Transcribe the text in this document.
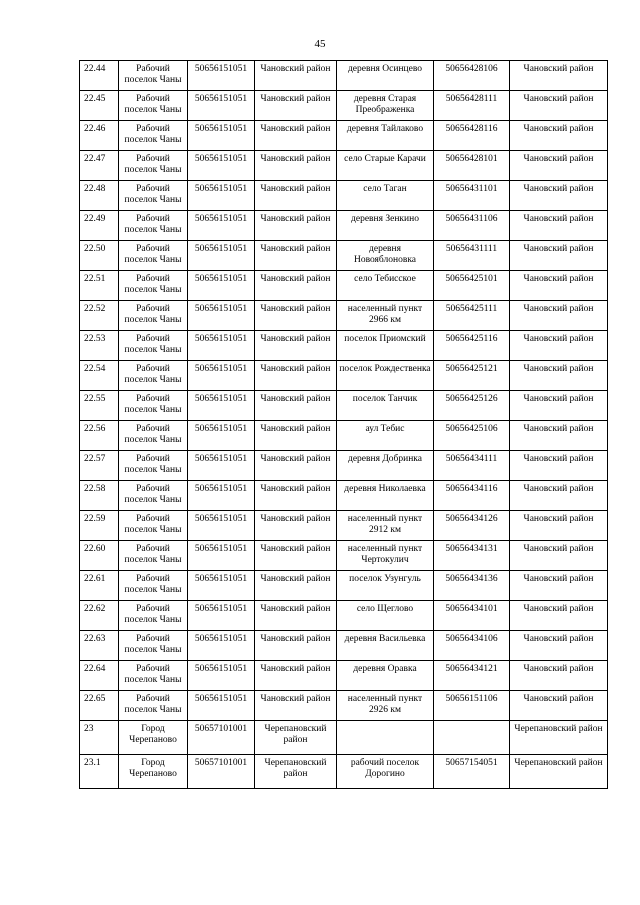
45
22.44	Рабочий поселок Чаны	50656151051	Чановский район	деревня Осинцево	50656428106	Чановский район
22.45	Рабочий поселок Чаны	50656151051	Чановский район	деревня Старая Преображенка	50656428111	Чановский район
22.46	Рабочий поселок Чаны	50656151051	Чановский район	деревня Тайлаково	50656428116	Чановский район
22.47	Рабочий поселок Чаны	50656151051	Чановский район	село Старые Карачи	50656428101	Чановский район
22.48	Рабочий поселок Чаны	50656151051	Чановский район	село Таган	50656431101	Чановский район
22.49	Рабочий поселок Чаны	50656151051	Чановский район	деревня Зенкино	50656431106	Чановский район
22.50	Рабочий поселок Чаны	50656151051	Чановский район	деревня Новояблоновка	50656431111	Чановский район
22.51	Рабочий поселок Чаны	50656151051	Чановский район	село Тебисское	50656425101	Чановский район
22.52	Рабочий поселок Чаны	50656151051	Чановский район	населенный пункт 2966 км	50656425111	Чановский район
22.53	Рабочий поселок Чаны	50656151051	Чановский район	поселок Приомский	50656425116	Чановский район
22.54	Рабочий поселок Чаны	50656151051	Чановский район	поселок Рождественка	50656425121	Чановский район
22.55	Рабочий поселок Чаны	50656151051	Чановский район	поселок Танчик	50656425126	Чановский район
22.56	Рабочий поселок Чаны	50656151051	Чановский район	аул Тебис	50656425106	Чановский район
22.57	Рабочий поселок Чаны	50656151051	Чановский район	деревня Добринка	50656434111	Чановский район
22.58	Рабочий поселок Чаны	50656151051	Чановский район	деревня Николаевка	50656434116	Чановский район
22.59	Рабочий поселок Чаны	50656151051	Чановский район	населенный пункт 2912 км	50656434126	Чановский район
22.60	Рабочий поселок Чаны	50656151051	Чановский район	населенный пункт Чертокулич	50656434131	Чановский район
22.61	Рабочий поселок Чаны	50656151051	Чановский район	поселок Узунгуль	50656434136	Чановский район
22.62	Рабочий поселок Чаны	50656151051	Чановский район	село Щеглово	50656434101	Чановский район
22.63	Рабочий поселок Чаны	50656151051	Чановский район	деревня Васильевка	50656434106	Чановский район
22.64	Рабочий поселок Чаны	50656151051	Чановский район	деревня Оравка	50656434121	Чановский район
22.65	Рабочий поселок Чаны	50656151051	Чановский район	населенный пункт 2926 км	50656151106	Чановский район
23	Город Черепаново	50657101001	Черепановский район			Черепановский район
23.1	Город Черепаново	50657101001	Черепановский район	рабочий поселок Дорогино	50657154051	Черепановский район
